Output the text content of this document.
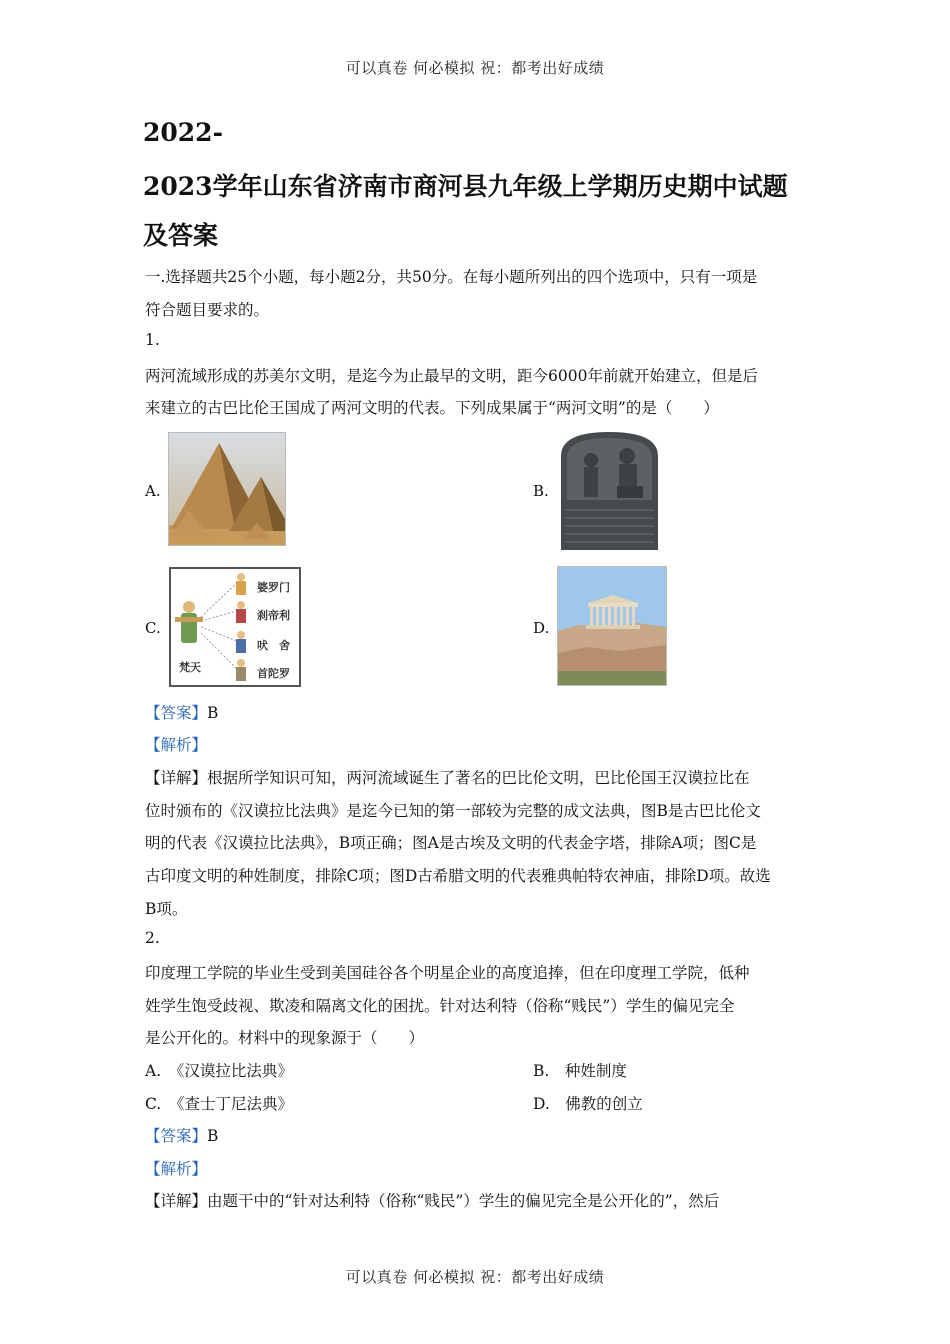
可以真卷 何必模拟 祝：都考出好成绩
2022-
2023学年山东省济南市商河县九年级上学期历史期中试题
及答案
一.选择题共25个小题，每小题2分，共50分。在每小题所列出的四个选项中，只有一项是
符合题目要求的。
1.
两河流域形成的苏美尔文明，是迄今为止最早的文明，距今6000年前就开始建立，但是后
来建立的古巴比伦王国成了两河文明的代表。下列成果属于“两河文明”的是（　　）
A.	B.
C.
婆罗门
刹帝利
吠　舍
首陀罗
梵天
D.
【答案】B
【解析】
【详解】根据所学知识可知，两河流域诞生了著名的巴比伦文明，巴比伦国王汉谟拉比在
位时颁布的《汉谟拉比法典》是迄今已知的第一部较为完整的成文法典，图B是古巴比伦文
明的代表《汉谟拉比法典》，B项正确；图A是古埃及文明的代表金字塔，排除A项；图C是
古印度文明的种姓制度，排除C项；图D古希腊文明的代表雅典帕特农神庙，排除D项。故选
B项。
2.
印度理工学院的毕业生受到美国硅谷各个明星企业的高度追捧，但在印度理工学院，低种
姓学生饱受歧视、欺凌和隔离文化的困扰。针对达利特（俗称“贱民”）学生的偏见完全
是公开化的。材料中的现象源于（　　）
A.　《汉谟拉比法典》	B.　种姓制度
C.　《查士丁尼法典》	D.　佛教的创立
【答案】B
【解析】
【详解】由题干中的“针对达利特（俗称“贱民”）学生的偏见完全是公开化的”，然后
可以真卷 何必模拟 祝：都考出好成绩
